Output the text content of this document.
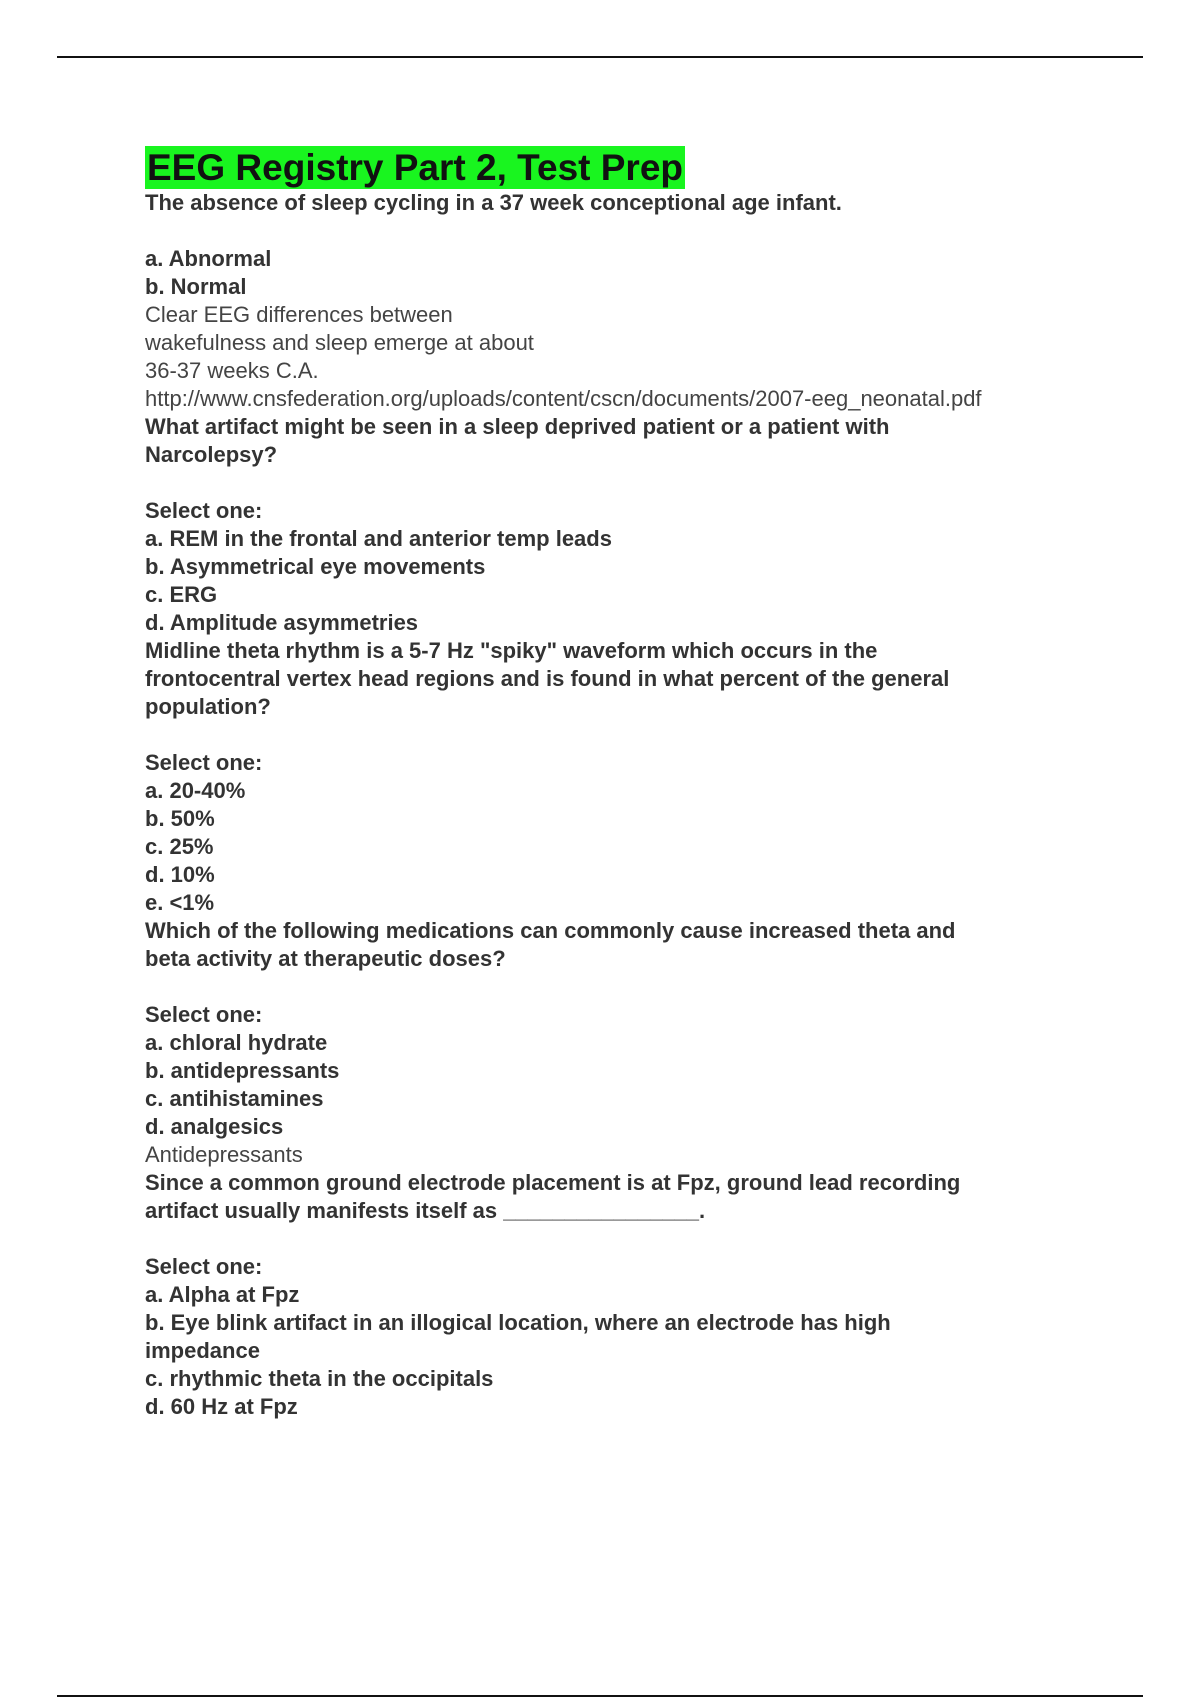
EEG Registry Part 2, Test Prep
The absence of sleep cycling in a 37 week conceptional age infant.
a. Abnormal
b. Normal
Clear EEG differences between
wakefulness and sleep emerge at about
36-37 weeks C.A.
http://www.cnsfederation.org/uploads/content/cscn/documents/2007-eeg_neonatal.pdf
What artifact might be seen in a sleep deprived patient or a patient with
Narcolepsy?
Select one:
a. REM in the frontal and anterior temp leads
b. Asymmetrical eye movements
c. ERG
d. Amplitude asymmetries
Midline theta rhythm is a 5-7 Hz "spiky" waveform which occurs in the
frontocentral vertex head regions and is found in what percent of the general
population?
Select one:
a. 20-40%
b. 50%
c. 25%
d. 10%
e. <1%
Which of the following medications can commonly cause increased theta and
beta activity at therapeutic doses?
Select one:
a. chloral hydrate
b. antidepressants
c. antihistamines
d. analgesics
Antidepressants
Since a common ground electrode placement is at Fpz, ground lead recording
artifact usually manifests itself as ________________.
Select one:
a. Alpha at Fpz
b. Eye blink artifact in an illogical location, where an electrode has high
impedance
c. rhythmic theta in the occipitals
d. 60 Hz at Fpz
